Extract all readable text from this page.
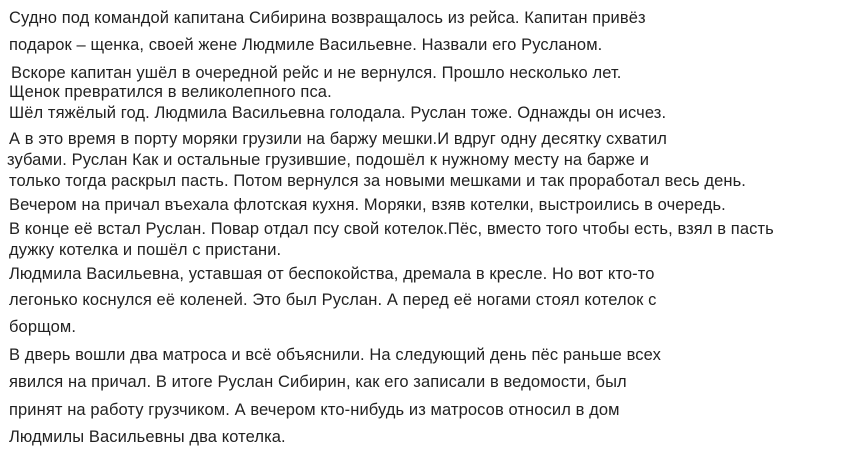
Судно под командой капитана Сибирина возвращалось из рейса. Капитан привёз
подарок – щенка, своей жене Людмиле Васильевне. Назвали его Русланом.
Вскоре капитан ушёл в очередной рейс и не вернулся. Прошло несколько лет.
Щенок превратился в великолепного пса.
Шёл тяжёлый год. Людмила Васильевна голодала. Руслан тоже. Однажды он исчез.
А в это время в порту моряки грузили на баржу мешки.И вдруг одну десятку схватил
зубами. Руслан Как и остальные грузившие, подошёл к нужному месту на барже и
только тогда раскрыл пасть. Потом вернулся за новыми мешками и так проработал весь день.
Вечером на причал въехала флотская кухня. Моряки, взяв котелки, выстроились в очередь.
В конце её встал Руслан. Повар отдал псу свой котелок.Пёс, вместо того чтобы есть, взял в пасть
дужку котелка и пошёл с пристани.
Людмила Васильевна, уставшая от беспокойства, дремала в кресле. Но вот кто-то
легонько коснулся её коленей. Это был Руслан. А перед её ногами стоял котелок с
борщом.
В дверь вошли два матроса и всё объяснили. На следующий день пёс раньше всех
явился на причал. В итоге Руслан Сибирин, как его записали в ведомости, был
принят на работу грузчиком. А вечером кто-нибудь из матросов относил в дом
Людмилы Васильевны два котелка.
